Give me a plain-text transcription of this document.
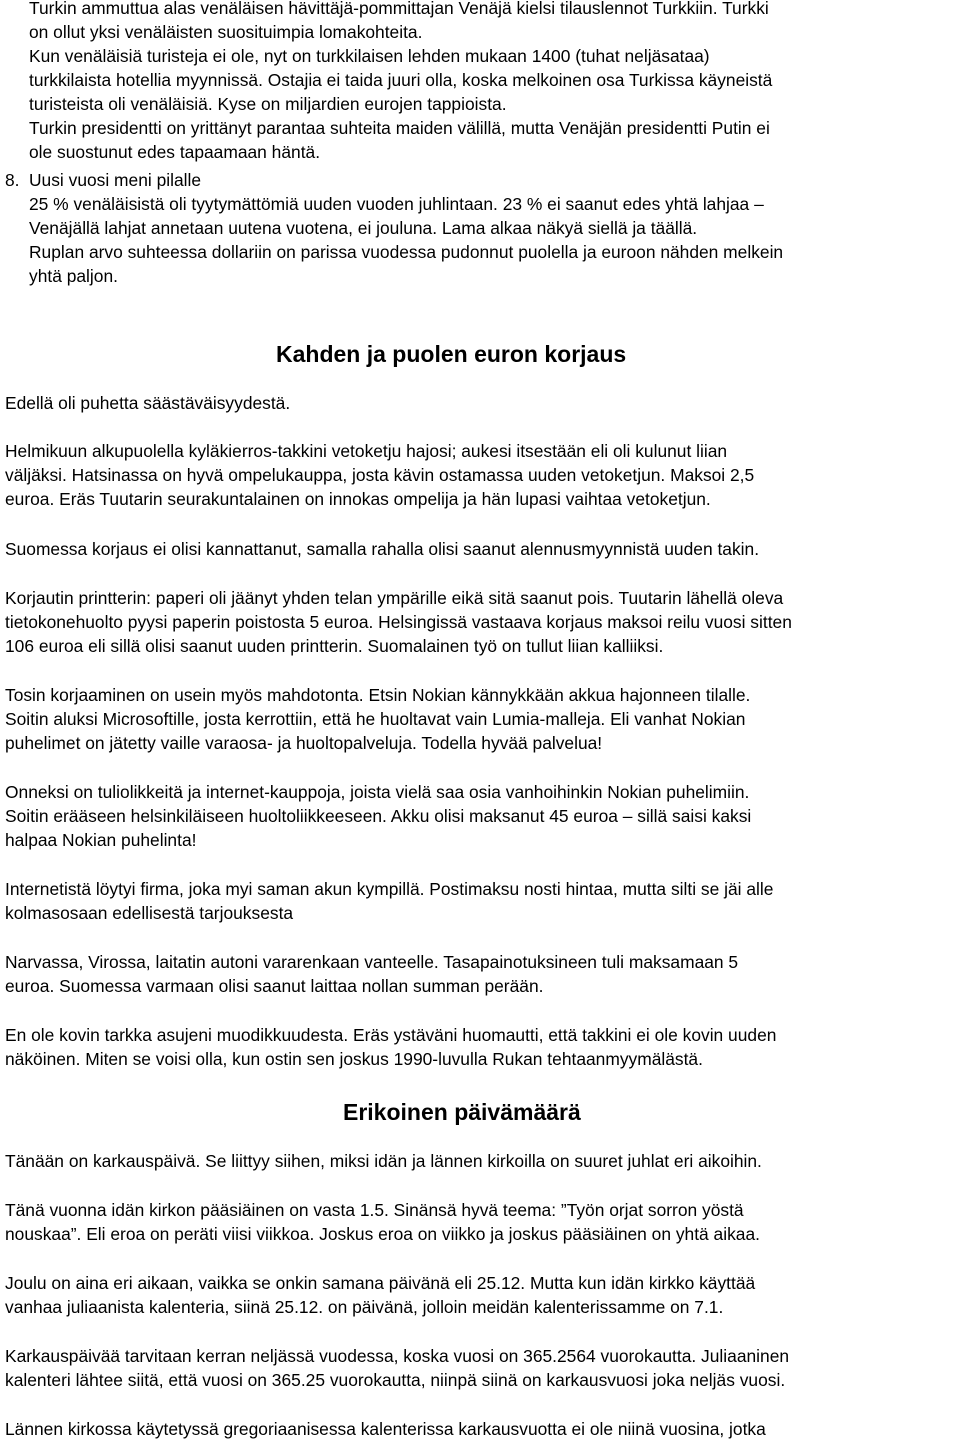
Turkin ammuttua alas venäläisen hävittäjä-pommittajan Venäjä kielsi tilauslennot Turkkiin. Turkki
on ollut yksi venäläisten suosituimpia lomakohteita.
Kun venäläisiä turisteja ei ole, nyt on turkkilaisen lehden mukaan 1400 (tuhat neljäsataa)
turkkilaista hotellia myynnissä. Ostajia ei taida juuri olla, koska melkoinen osa Turkissa käyneistä
turisteista oli venäläisiä. Kyse on miljardien eurojen tappioista.
Turkin presidentti on yrittänyt parantaa suhteita maiden välillä, mutta Venäjän presidentti Putin ei
ole suostunut edes tapaamaan häntä.
8. Uusi vuosi meni pilalle
25 % venäläisistä oli tyytymättömiä uuden vuoden juhlintaan. 23 % ei saanut edes yhtä lahjaa –
Venäjällä lahjat annetaan uutena vuotena, ei jouluna. Lama alkaa näkyä siellä ja täällä.
Ruplan arvo suhteessa dollariin on parissa vuodessa pudonnut puolella ja euroon nähden melkein
yhtä paljon.
Kahden ja puolen euron korjaus
Edellä oli puhetta säästäväisyydestä.
Helmikuun alkupuolella kyläkierros-takkini vetoketju hajosi; aukesi itsestään eli oli kulunut liian
väljäksi. Hatsinassa on hyvä ompelukauppa, josta kävin ostamassa uuden vetoketjun. Maksoi 2,5
euroa. Eräs Tuutarin seurakuntalainen on innokas ompelija ja hän lupasi vaihtaa vetoketjun.
Suomessa korjaus ei olisi kannattanut, samalla rahalla olisi saanut alennusmyynnistä uuden takin.
Korjautin printterin: paperi oli jäänyt yhden telan ympärille eikä sitä saanut pois. Tuutarin lähellä oleva
tietokonehuolto pyysi paperin poistosta 5 euroa. Helsingissä vastaava korjaus maksoi reilu vuosi sitten
106 euroa eli sillä olisi saanut uuden printterin. Suomalainen työ on tullut liian kalliiksi.
Tosin korjaaminen on usein myös mahdotonta. Etsin Nokian kännykkään akkua hajonneen tilalle.
Soitin aluksi Microsoftille, josta kerrottiin, että he huoltavat vain Lumia-malleja. Eli vanhat Nokian
puhelimet on jätetty vaille varaosa- ja huoltopalveluja. Todella hyvää palvelua!
Onneksi on tuliolikkeitä ja internet-kauppoja, joista vielä saa osia vanhoihinkin Nokian puhelimiin.
Soitin erääseen helsinkiläiseen huoltoliikkeeseen. Akku olisi maksanut 45 euroa – sillä saisi kaksi
halpaa Nokian puhelinta!
Internetistä löytyi firma, joka myi saman akun kympillä. Postimaksu nosti hintaa, mutta silti se jäi alle
kolmasosaan edellisestä tarjouksesta
Narvassa, Virossa, laitatin autoni vararenkaan vanteelle. Tasapainotuksineen tuli maksamaan 5
euroa. Suomessa varmaan olisi saanut laittaa nollan summan perään.
En ole kovin tarkka asujeni muodikkuudesta. Eräs ystäväni huomautti, että takkini ei ole kovin uuden
näköinen. Miten se voisi olla, kun ostin sen joskus 1990-luvulla Rukan tehtaanmyymälästä.
Erikoinen päivämäärä
Tänään on karkauspäivä. Se liittyy siihen, miksi idän ja lännen kirkoilla on suuret juhlat eri aikoihin.
Tänä vuonna idän kirkon pääsiäinen on vasta 1.5. Sinänsä hyvä teema: ”Työn orjat sorron yöstä
nouskaa”. Eli eroa on peräti viisi viikkoa. Joskus eroa on viikko ja joskus pääsiäinen on yhtä aikaa.
Joulu on aina eri aikaan, vaikka se onkin samana päivänä eli 25.12. Mutta kun idän kirkko käyttää
vanhaa juliaanista kalenteria, siinä 25.12. on päivänä, jolloin meidän kalenterissamme on 7.1.
Karkauspäivää tarvitaan kerran neljässä vuodessa, koska vuosi on 365.2564 vuorokautta. Juliaaninen
kalenteri lähtee siitä, että vuosi on 365.25 vuorokautta, niinpä siinä on karkausvuosi joka neljäs vuosi.
Lännen kirkossa käytetyssä gregoriaanisessa kalenterissa karkausvuotta ei ole niinä vuosina, jotka
